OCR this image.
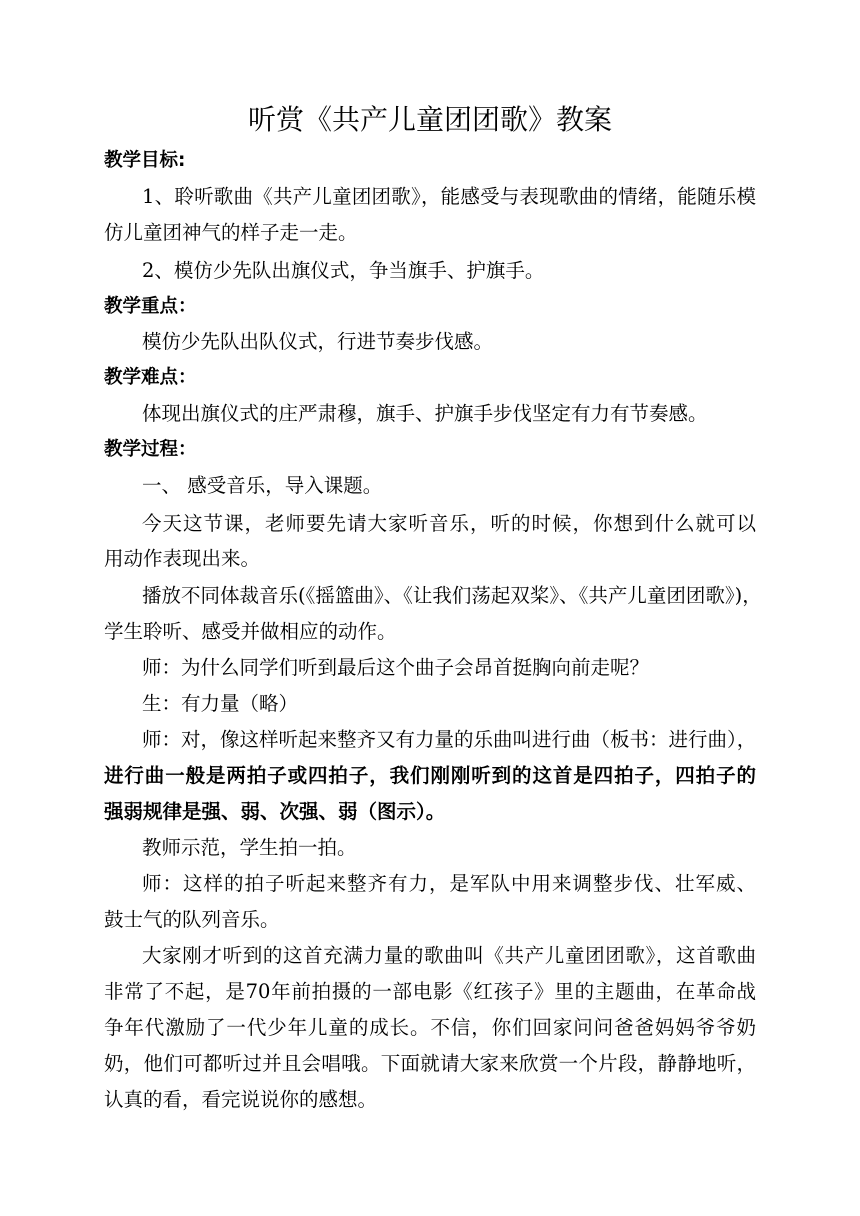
听赏《共产儿童团团歌》教案
教学目标:
1、聆听歌曲《共产儿童团团歌》，能感受与表现歌曲的情绪，能随乐模
仿儿童团神气的样子走一走。
2、模仿少先队出旗仪式，争当旗手、护旗手。
教学重点：
模仿少先队出队仪式，行进节奏步伐感。
教学难点：
体现出旗仪式的庄严肃穆，旗手、护旗手步伐坚定有力有节奏感。
教学过程：
一、 感受音乐，导入课题。
今天这节课，老师要先请大家听音乐，听的时候，你想到什么就可以
用动作表现出来。
播放不同体裁音乐(《摇篮曲》、《让我们荡起双桨》、《共产儿童团团歌》)，
学生聆听、感受并做相应的动作。
师：为什么同学们听到最后这个曲子会昂首挺胸向前走呢？
生：有力量（略）
师：对，像这样听起来整齐又有力量的乐曲叫进行曲（板书：进行曲），
进行曲一般是两拍子或四拍子，我们刚刚听到的这首是四拍子，四拍子的
强弱规律是强、弱、次强、弱（图示）。
教师示范，学生拍一拍。
师：这样的拍子听起来整齐有力，是军队中用来调整步伐、壮军威、
鼓士气的队列音乐。
大家刚才听到的这首充满力量的歌曲叫《共产儿童团团歌》，这首歌曲
非常了不起，是70年前拍摄的一部电影《红孩子》里的主题曲，在革命战
争年代激励了一代少年儿童的成长。不信，你们回家问问爸爸妈妈爷爷奶
奶，他们可都听过并且会唱哦。下面就请大家来欣赏一个片段，静静地听，
认真的看，看完说说你的感想。
